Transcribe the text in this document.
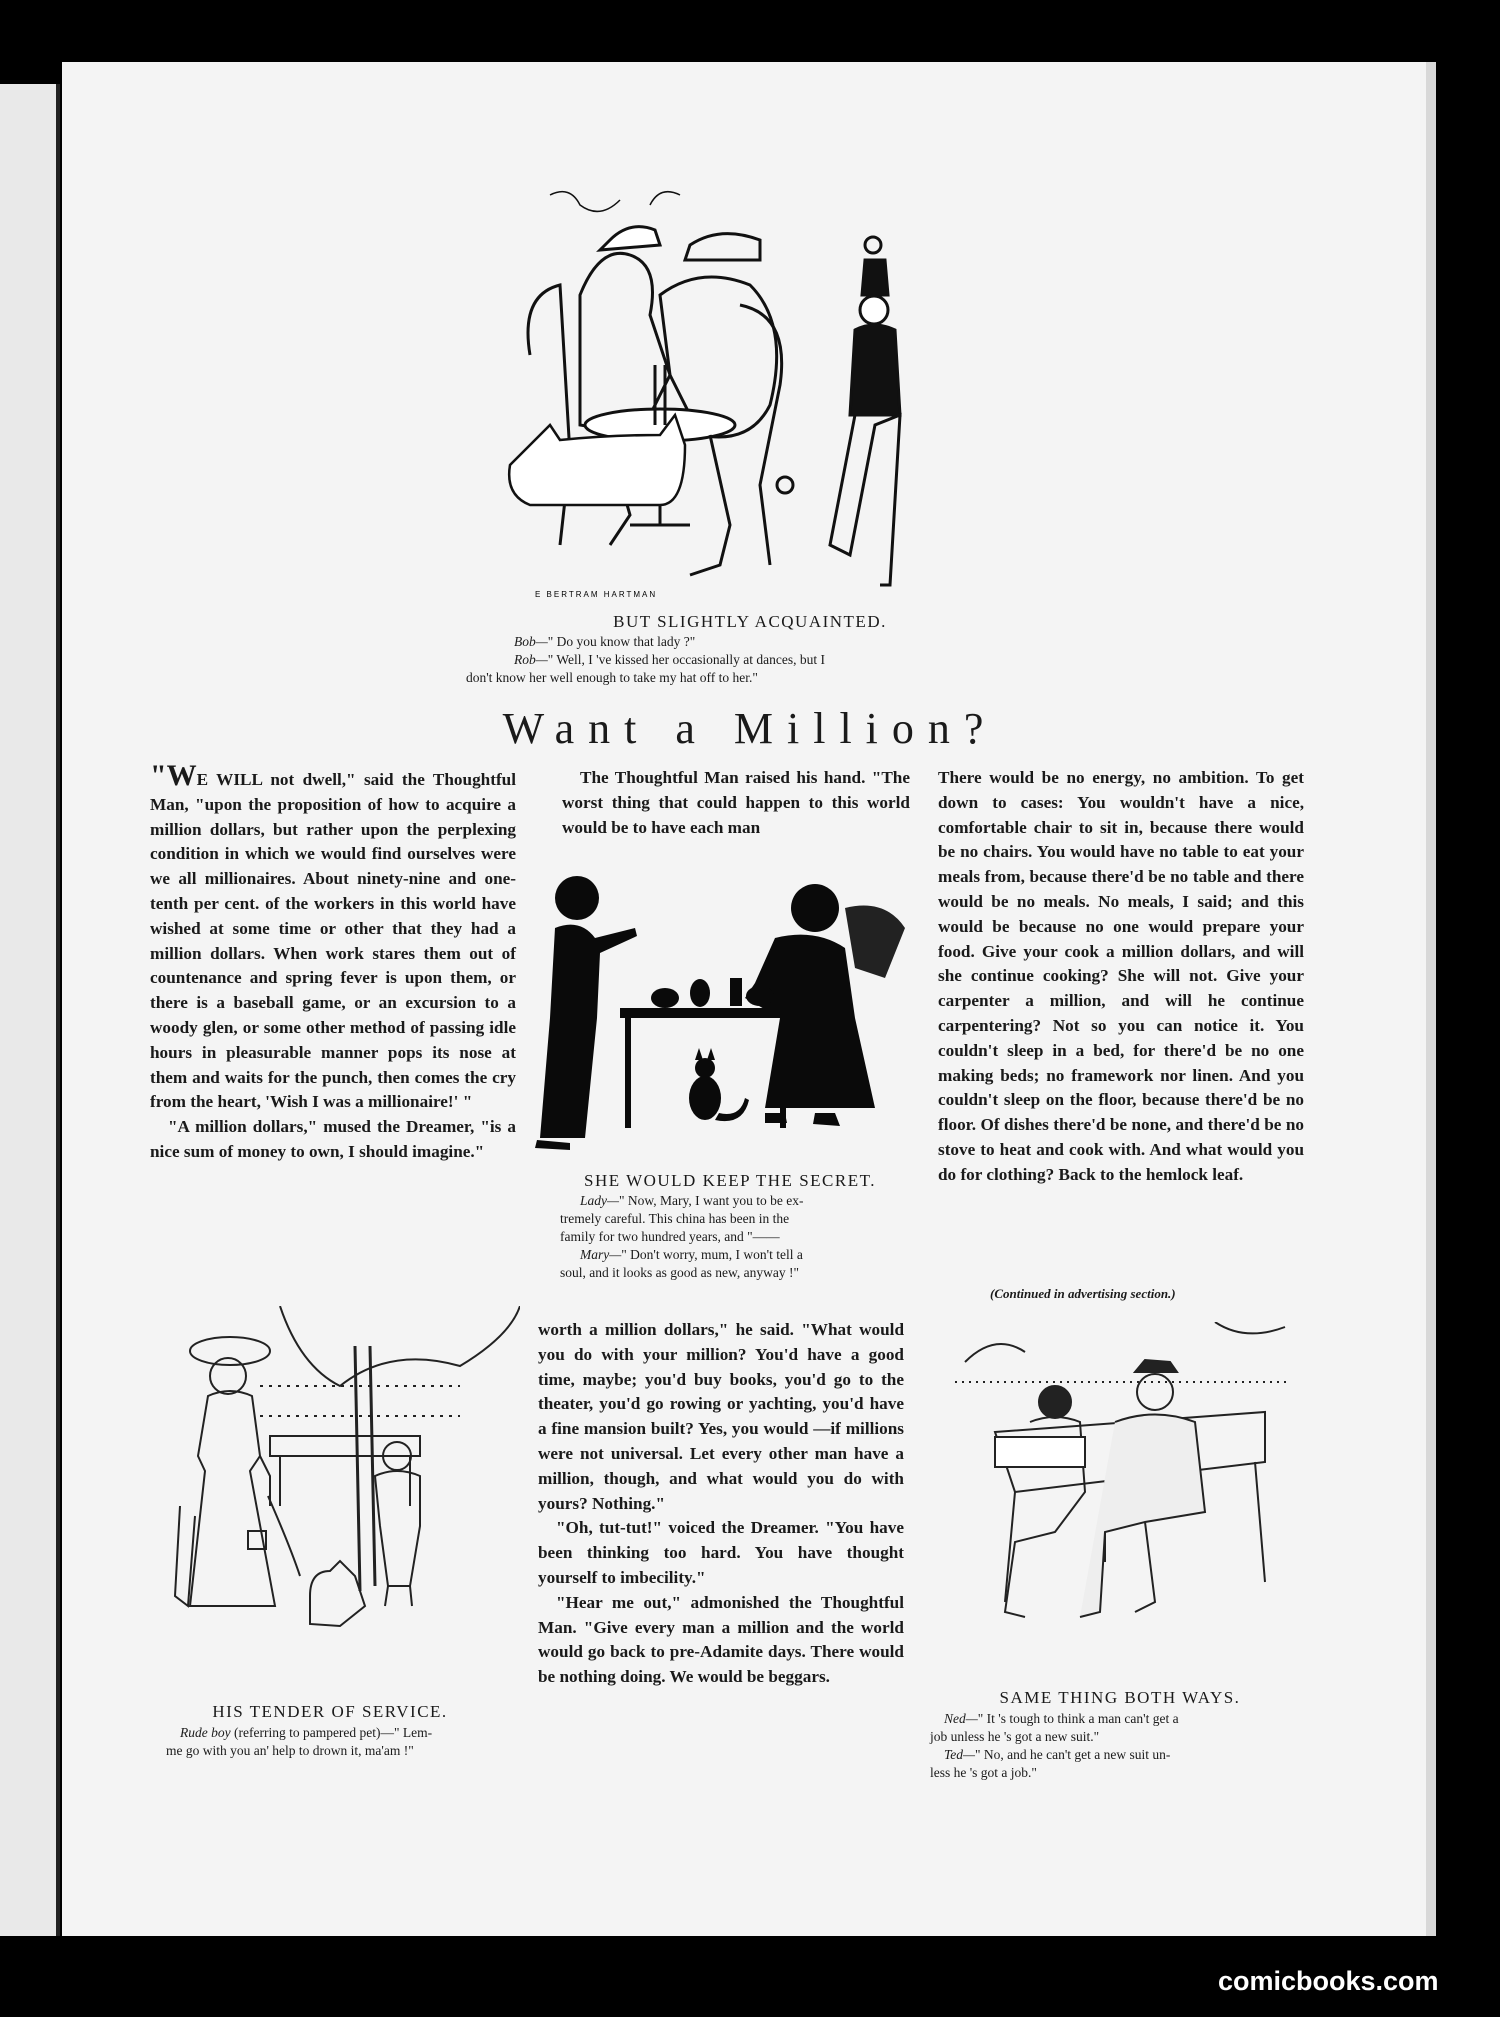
E BERTRAM HARTMAN
BUT SLIGHTLY ACQUAINTED.
Bob—" Do you know that lady ?"
Rob—" Well, I 've kissed her occasionally at dances, but I
don't know her well enough to take my hat off to her."
Want a Million?

"WE WILL not dwell," said the Thoughtful Man, "upon the proposition of how to acquire a million dollars, but rather upon the perplexing condition in which we would find ourselves were we all millionaires. About ninety-nine and one-tenth per cent. of the workers in this world have wished at some time or other that they had a million dollars. When work stares them out of countenance and spring fever is upon them, or there is a baseball game, or an excursion to a woody glen, or some other method of passing idle hours in pleasurable manner pops its nose at them and waits for the punch, then comes the cry from the heart, 'Wish I was a millionaire!' "

"A million dollars," mused the Dreamer, "is a nice sum of money to own, I should imagine."

The Thoughtful Man raised his hand. "The worst thing that could happen to this world would be to have each man
SHE WOULD KEEP THE SECRET.
Lady—" Now, Mary, I want you to be ex-
tremely careful. This china has been in the
family for two hundred years, and "——
Mary—" Don't worry, mum, I won't tell a
soul, and it looks as good as new, anyway !"
There would be no energy, no ambition. To get down to cases: You wouldn't have a nice, comfortable chair to sit in, because there would be no chairs. You would have no table to eat your meals from, because there'd be no table and there would be no meals. No meals, I said; and this would be because no one would prepare your food. Give your cook a million dollars, and will she continue cooking? She will not. Give your carpenter a million, and will he continue carpentering? Not so you can notice it. You couldn't sleep in a bed, for there'd be no one making beds; no framework nor linen. And you couldn't sleep on the floor, because there'd be no floor. Of dishes there'd be none, and there'd be no stove to heat and cook with. And what would you do for clothing? Back to the hemlock leaf.
(Continued in advertising section.)

worth a million dollars," he said. "What would you do with your million? You'd have a good time, maybe; you'd buy books, you'd go to the theater, you'd go rowing or yachting, you'd have a fine mansion built? Yes, you would —if millions were not universal. Let every other man have a million, though, and what would you do with yours? Nothing."

"Oh, tut-tut!" voiced the Dreamer. "You have been thinking too hard. You have thought yourself to imbecility."

"Hear me out," admonished the Thoughtful Man. "Give every man a million and the world would go back to pre-Adamite days. There would be nothing doing. We would be beggars.

HIS TENDER OF SERVICE.
Rude boy (referring to pampered pet)—" Lem-
me go with you an' help to drown it, ma'am !"
SAME THING BOTH WAYS.
Ned—" It 's tough to think a man can't get a
job unless he 's got a new suit."
Ted—" No, and he can't get a new suit un-
less he 's got a job."
comicbooks.com
